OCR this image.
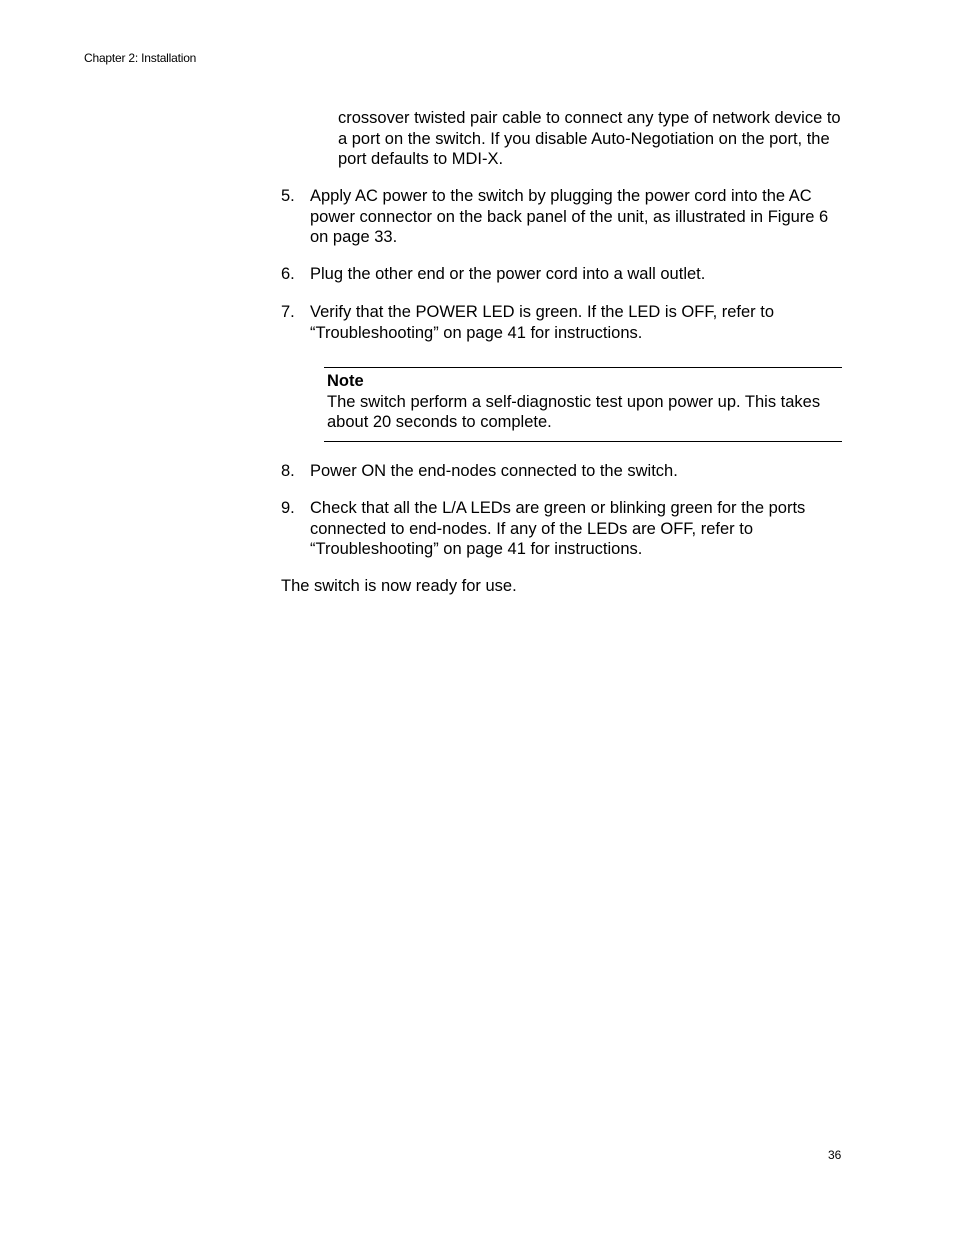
Chapter 2: Installation
crossover twisted pair cable to connect any type of network device to a port on the switch. If you disable Auto-Negotiation on the port, the port defaults to MDI-X.
5. Apply AC power to the switch by plugging the power cord into the AC power connector on the back panel of the unit, as illustrated in Figure 6 on page 33.
6. Plug the other end or the power cord into a wall outlet.
7. Verify that the POWER LED is green. If the LED is OFF, refer to “Troubleshooting” on page 41 for instructions.
Note
The switch perform a self-diagnostic test upon power up. This takes about 20 seconds to complete.
8. Power ON the end-nodes connected to the switch.
9. Check that all the L/A LEDs are green or blinking green for the ports connected to end-nodes. If any of the LEDs are OFF, refer to “Troubleshooting” on page 41 for instructions.
The switch is now ready for use.
36
